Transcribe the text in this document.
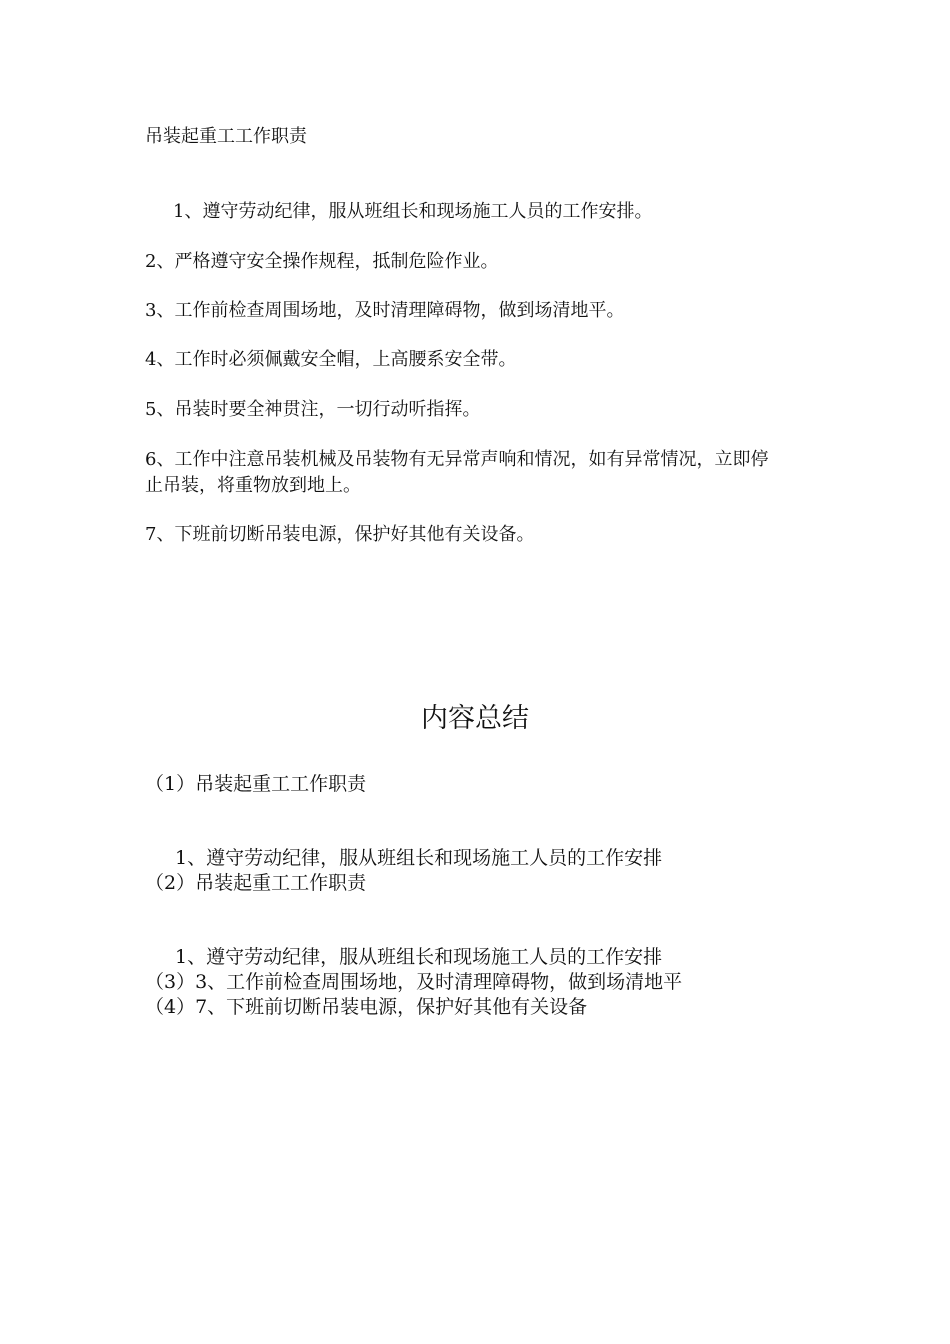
吊装起重工工作职责
1、遵守劳动纪律，服从班组长和现场施工人员的工作安排。
2、严格遵守安全操作规程，抵制危险作业。
3、工作前检查周围场地，及时清理障碍物，做到场清地平。
4、工作时必须佩戴安全帽，上高腰系安全带。
5、吊装时要全神贯注，一切行动听指挥。
6、工作中注意吊装机械及吊装物有无异常声响和情况，如有异常情况，立即停
止吊装，将重物放到地上。
7、下班前切断吊装电源，保护好其他有关设备。
内容总结
（1）吊装起重工工作职责
1、遵守劳动纪律，服从班组长和现场施工人员的工作安排
（2）吊装起重工工作职责
1、遵守劳动纪律，服从班组长和现场施工人员的工作安排
（3）3、工作前检查周围场地，及时清理障碍物，做到场清地平
（4）7、下班前切断吊装电源，保护好其他有关设备
